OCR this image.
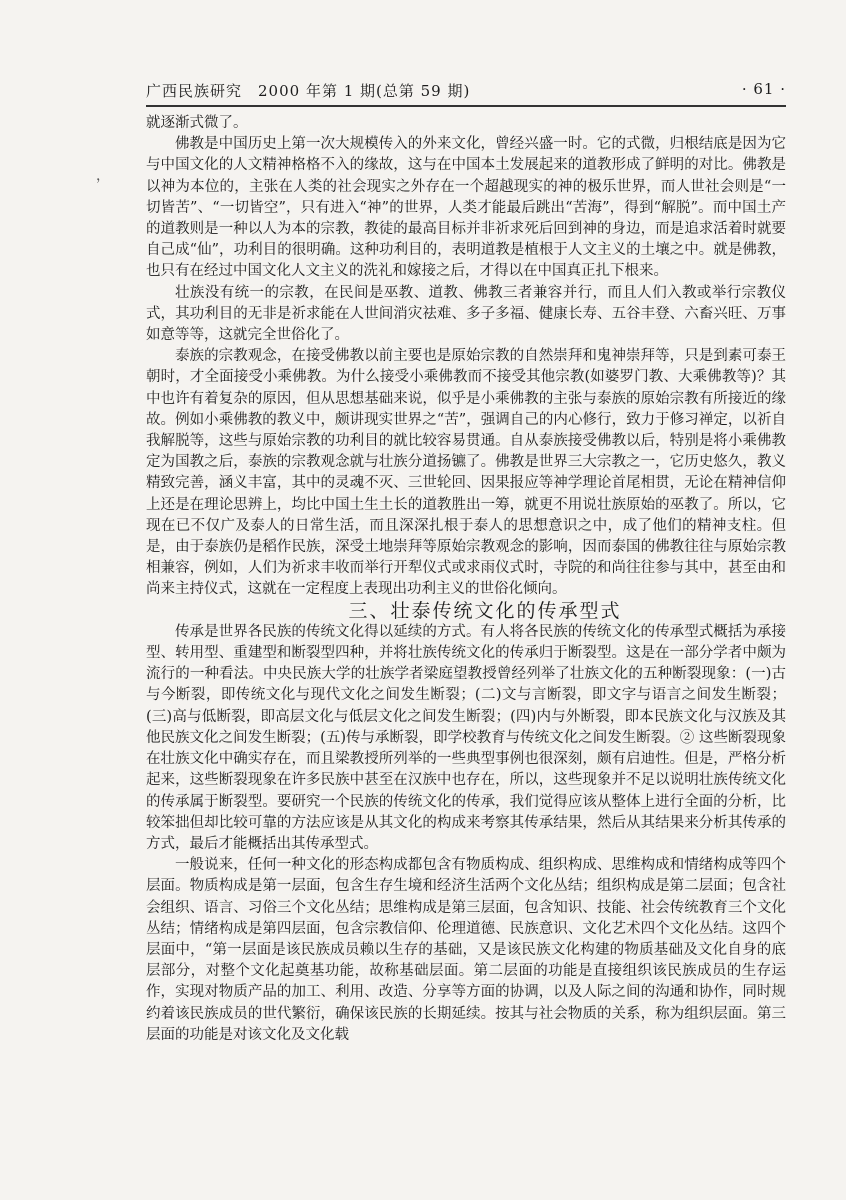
广西民族研究　2000 年第 1 期(总第 59 期)	· 61 ·
，

就逐渐式微了。

佛教是中国历史上第一次大规模传入的外来文化，曾经兴盛一时。它的式微，归根结底是因为它与中国文化的人文精神格格不入的缘故，这与在中国本土发展起来的道教形成了鲜明的对比。佛教是以神为本位的，主张在人类的社会现实之外存在一个超越现实的神的极乐世界，而人世社会则是“一切皆苦”、“一切皆空”，只有进入“神”的世界，人类才能最后跳出“苦海”，得到“解脱”。而中国土产的道教则是一种以人为本的宗教，教徒的最高目标并非祈求死后回到神的身边，而是追求活着时就要自己成“仙”，功利目的很明确。这种功利目的，表明道教是植根于人文主义的土壤之中。就是佛教，也只有在经过中国文化人文主义的洗礼和嫁接之后，才得以在中国真正扎下根来。

壮族没有统一的宗教，在民间是巫教、道教、佛教三者兼容并行，而且人们入教或举行宗教仪式，其功利目的无非是祈求能在人世间消灾祛难、多子多福、健康长寿、五谷丰登、六畜兴旺、万事如意等等，这就完全世俗化了。

泰族的宗教观念，在接受佛教以前主要也是原始宗教的自然崇拜和鬼神崇拜等，只是到素可泰王朝时，才全面接受小乘佛教。为什么接受小乘佛教而不接受其他宗教(如婆罗门教、大乘佛教等)？其中也许有着复杂的原因，但从思想基础来说，似乎是小乘佛教的主张与泰族的原始宗教有所接近的缘故。例如小乘佛教的教义中，颇讲现实世界之“苦”，强调自己的内心修行，致力于修习禅定，以祈自我解脱等，这些与原始宗教的功利目的就比较容易贯通。自从泰族接受佛教以后，特别是将小乘佛教定为国教之后，泰族的宗教观念就与壮族分道扬镳了。佛教是世界三大宗教之一，它历史悠久，教义精致完善，涵义丰富，其中的灵魂不灭、三世轮回、因果报应等神学理论首尾相贯，无论在精神信仰上还是在理论思辨上，均比中国土生土长的道教胜出一筹，就更不用说壮族原始的巫教了。所以，它现在已不仅广及泰人的日常生活，而且深深扎根于泰人的思想意识之中，成了他们的精神支柱。但是，由于泰族仍是稻作民族，深受土地崇拜等原始宗教观念的影响，因而泰国的佛教往往与原始宗教相兼容，例如，人们为祈求丰收而举行开犁仪式或求雨仪式时，寺院的和尚往往参与其中，甚至由和尚来主持仪式，这就在一定程度上表现出功利主义的世俗化倾向。

三、壮泰传统文化的传承型式

传承是世界各民族的传统文化得以延续的方式。有人将各民族的传统文化的传承型式概括为承接型、转用型、重建型和断裂型四种，并将壮族传统文化的传承归于断裂型。这是在一部分学者中颇为流行的一种看法。中央民族大学的壮族学者梁庭望教授曾经列举了壮族文化的五种断裂现象：(一)古与今断裂，即传统文化与现代文化之间发生断裂；(二)文与言断裂，即文字与语言之间发生断裂；(三)高与低断裂，即高层文化与低层文化之间发生断裂；(四)内与外断裂，即本民族文化与汉族及其他民族文化之间发生断裂；(五)传与承断裂，即学校教育与传统文化之间发生断裂。② 这些断裂现象在壮族文化中确实存在，而且梁教授所列举的一些典型事例也很深刻，颇有启迪性。但是，严格分析起来，这些断裂现象在许多民族中甚至在汉族中也存在，所以，这些现象并不足以说明壮族传统文化的传承属于断裂型。要研究一个民族的传统文化的传承，我们觉得应该从整体上进行全面的分析，比较笨拙但却比较可靠的方法应该是从其文化的构成来考察其传承结果，然后从其结果来分析其传承的方式，最后才能概括出其传承型式。

一般说来，任何一种文化的形态构成都包含有物质构成、组织构成、思维构成和情绪构成等四个层面。物质构成是第一层面，包含生存生境和经济生活两个文化丛结；组织构成是第二层面；包含社会组织、语言、习俗三个文化丛结；思维构成是第三层面，包含知识、技能、社会传统教育三个文化丛结；情绪构成是第四层面，包含宗教信仰、伦理道德、民族意识、文化艺术四个文化丛结。这四个层面中，“第一层面是该民族成员赖以生存的基础，又是该民族文化构建的物质基础及文化自身的底层部分，对整个文化起奠基功能，故称基础层面。第二层面的功能是直接组织该民族成员的生存运作，实现对物质产品的加工、利用、改造、分享等方面的协调，以及人际之间的沟通和协作，同时规约着该民族成员的世代繁衍，确保该民族的长期延续。按其与社会物质的关系，称为组织层面。第三层面的功能是对该文化及文化载
